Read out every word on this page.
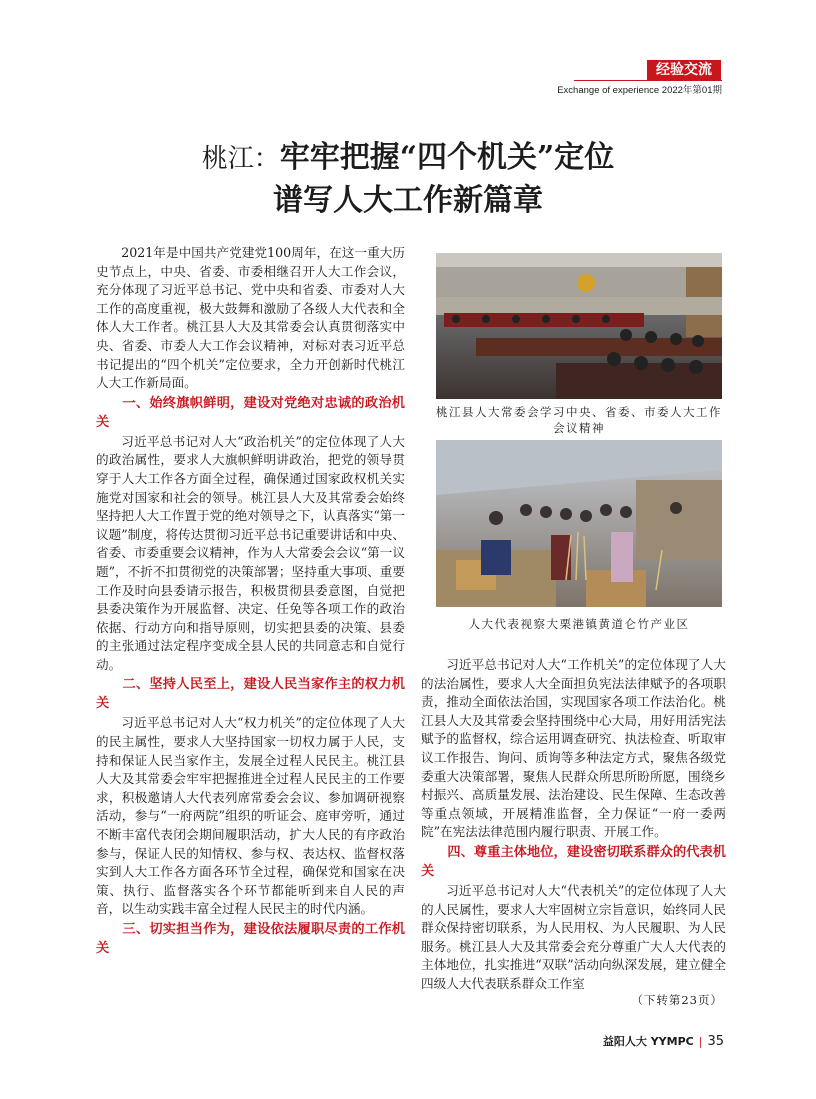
经验交流
Exchange of experience 2022年第01期
桃江：牢牢把握“四个机关”定位
谱写人大工作新篇章

2021年是中国共产党建党100周年，在这一重大历史节点上，中央、省委、市委相继召开人大工作会议，充分体现了习近平总书记、党中央和省委、市委对人大工作的高度重视，极大鼓舞和激励了各级人大代表和全体人大工作者。桃江县人大及其常委会认真贯彻落实中央、省委、市委人大工作会议精神，对标对表习近平总书记提出的“四个机关”定位要求，全力开创新时代桃江人大工作新局面。

一、始终旗帜鲜明，建设对党绝对忠诚的政治机关

习近平总书记对人大“政治机关”的定位体现了人大的政治属性，要求人大旗帜鲜明讲政治，把党的领导贯穿于人大工作各方面全过程，确保通过国家政权机关实施党对国家和社会的领导。桃江县人大及其常委会始终坚持把人大工作置于党的绝对领导之下，认真落实“第一议题”制度，将传达贯彻习近平总书记重要讲话和中央、省委、市委重要会议精神，作为人大常委会会议“第一议题”，不折不扣贯彻党的决策部署；坚持重大事项、重要工作及时向县委请示报告，积极贯彻县委意图，自觉把县委决策作为开展监督、决定、任免等各项工作的政治依据、行动方向和指导原则，切实把县委的决策、县委的主张通过法定程序变成全县人民的共同意志和自觉行动。

二、坚持人民至上，建设人民当家作主的权力机关

习近平总书记对人大“权力机关”的定位体现了人大的民主属性，要求人大坚持国家一切权力属于人民，支持和保证人民当家作主，发展全过程人民民主。桃江县人大及其常委会牢牢把握推进全过程人民民主的工作要求，积极邀请人大代表列席常委会会议、参加调研视察活动，参与“一府两院”组织的听证会、庭审旁听，通过不断丰富代表闭会期间履职活动，扩大人民的有序政治参与，保证人民的知情权、参与权、表达权、监督权落实到人大工作各方面各环节全过程，确保党和国家在决策、执行、监督落实各个环节都能听到来自人民的声音，以生动实践丰富全过程人民民主的时代内涵。

三、切实担当作为，建设依法履职尽责的工作机关
桃江县人大常委会学习中央、省委、市委人大工作会议精神
人大代表视察大栗港镇黄道仑竹产业区

习近平总书记对人大“工作机关”的定位体现了人大的法治属性，要求人大全面担负宪法法律赋予的各项职责，推动全面依法治国，实现国家各项工作法治化。桃江县人大及其常委会坚持围绕中心大局，用好用活宪法赋予的监督权，综合运用调查研究、执法检查、听取审议工作报告、询问、质询等多种法定方式，聚焦各级党委重大决策部署，聚焦人民群众所思所盼所愿，围绕乡村振兴、高质量发展、法治建设、民生保障、生态改善等重点领域，开展精准监督，全力保证“一府一委两院”在宪法法律范围内履行职责、开展工作。

四、尊重主体地位，建设密切联系群众的代表机关

习近平总书记对人大“代表机关”的定位体现了人大的人民属性，要求人大牢固树立宗旨意识，始终同人民群众保持密切联系，为人民用权、为人民履职、为人民服务。桃江县人大及其常委会充分尊重广大人大代表的主体地位，扎实推进“双联”活动向纵深发展，建立健全四级人大代表联系群众工作室

（下转第23页）
益阳人大 YYMPC | 35
